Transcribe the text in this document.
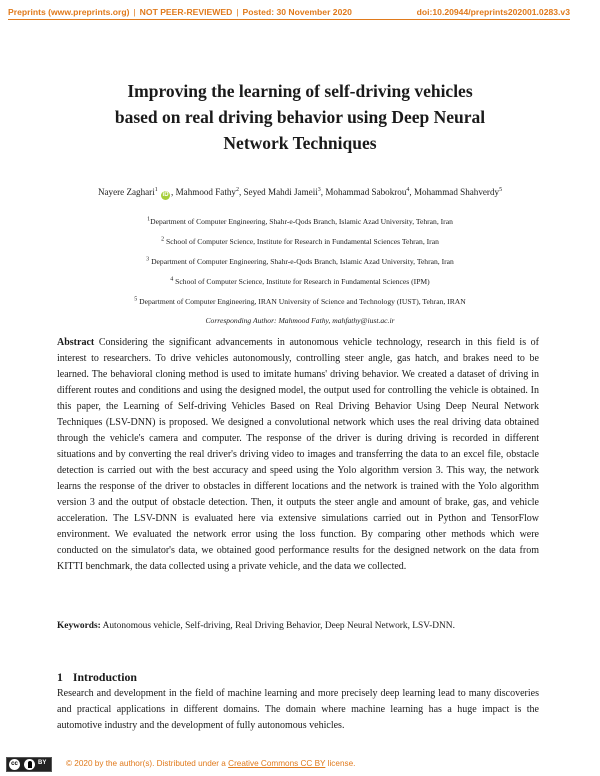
Preprints (www.preprints.org) | NOT PEER-REVIEWED | Posted: 30 November 2020	doi:10.20944/preprints202001.0283.v3
Improving the learning of self-driving vehicles
based on real driving behavior using Deep Neural
Network Techniques
Nayere Zaghari$^1$ iD , Mahmood Fathy$^2$, Seyed Mahdi Jameii$^3$, Mohammad Sabokrou$^4$, Mohammad Shahverdy$^5$
$^1$Department of Computer Engineering, Shahr-e-Qods Branch, Islamic Azad University, Tehran, Iran
$^2$ School of Computer Science, Institute for Research in Fundamental Sciences Tehran, Iran
$^3$ Department of Computer Engineering, Shahr-e-Qods Branch, Islamic Azad University, Tehran, Iran
$^4$ School of Computer Science, Institute for Research in Fundamental Sciences (IPM)
$^5$ Department of Computer Engineering, IRAN University of Science and Technology (IUST), Tehran, IRAN
Corresponding Author: Mahmood Fathy, mahfathy@iust.ac.ir

Abstract Considering the significant advancements in autonomous vehicle technology, research in this field is of interest to researchers. To drive vehicles autonomously, controlling steer angle, gas hatch, and brakes need to be learned. The behavioral cloning method is used to imitate humans' driving behavior. We created a dataset of driving in different routes and conditions and using the designed model, the output used for controlling the vehicle is obtained. In this paper, the Learning of Self-driving Vehicles Based on Real Driving Behavior Using Deep Neural Network Techniques (LSV-DNN) is proposed. We designed a convolutional network which uses the real driving data obtained through the vehicle's camera and computer. The response of the driver is during driving is recorded in different situations and by converting the real driver's driving video to images and transferring the data to an excel file, obstacle detection is carried out with the best accuracy and speed using the Yolo algorithm version 3. This way, the network learns the response of the driver to obstacles in different locations and the network is trained with the Yolo algorithm version 3 and the output of obstacle detection. Then, it outputs the steer angle and amount of brake, gas, and vehicle acceleration. The LSV-DNN is evaluated here via extensive simulations carried out in Python and TensorFlow environment. We evaluated the network error using the loss function. By comparing other methods which were conducted on the simulator's data, we obtained good performance results for the designed network on the data from KITTI benchmark, the data collected using a private vehicle, and the data we collected.

Keywords: Autonomous vehicle, Self-driving, Real Driving Behavior, Deep Neural Network, LSV-DNN.
1 Introduction

Research and development in the field of machine learning and more precisely deep learning lead to many discoveries and practical applications in different domains. The domain where machine learning has a huge impact is the automotive industry and the development of fully autonomous vehicles.

cc	BY © 2020 by the author(s). Distributed under a Creative Commons CC BY license.
